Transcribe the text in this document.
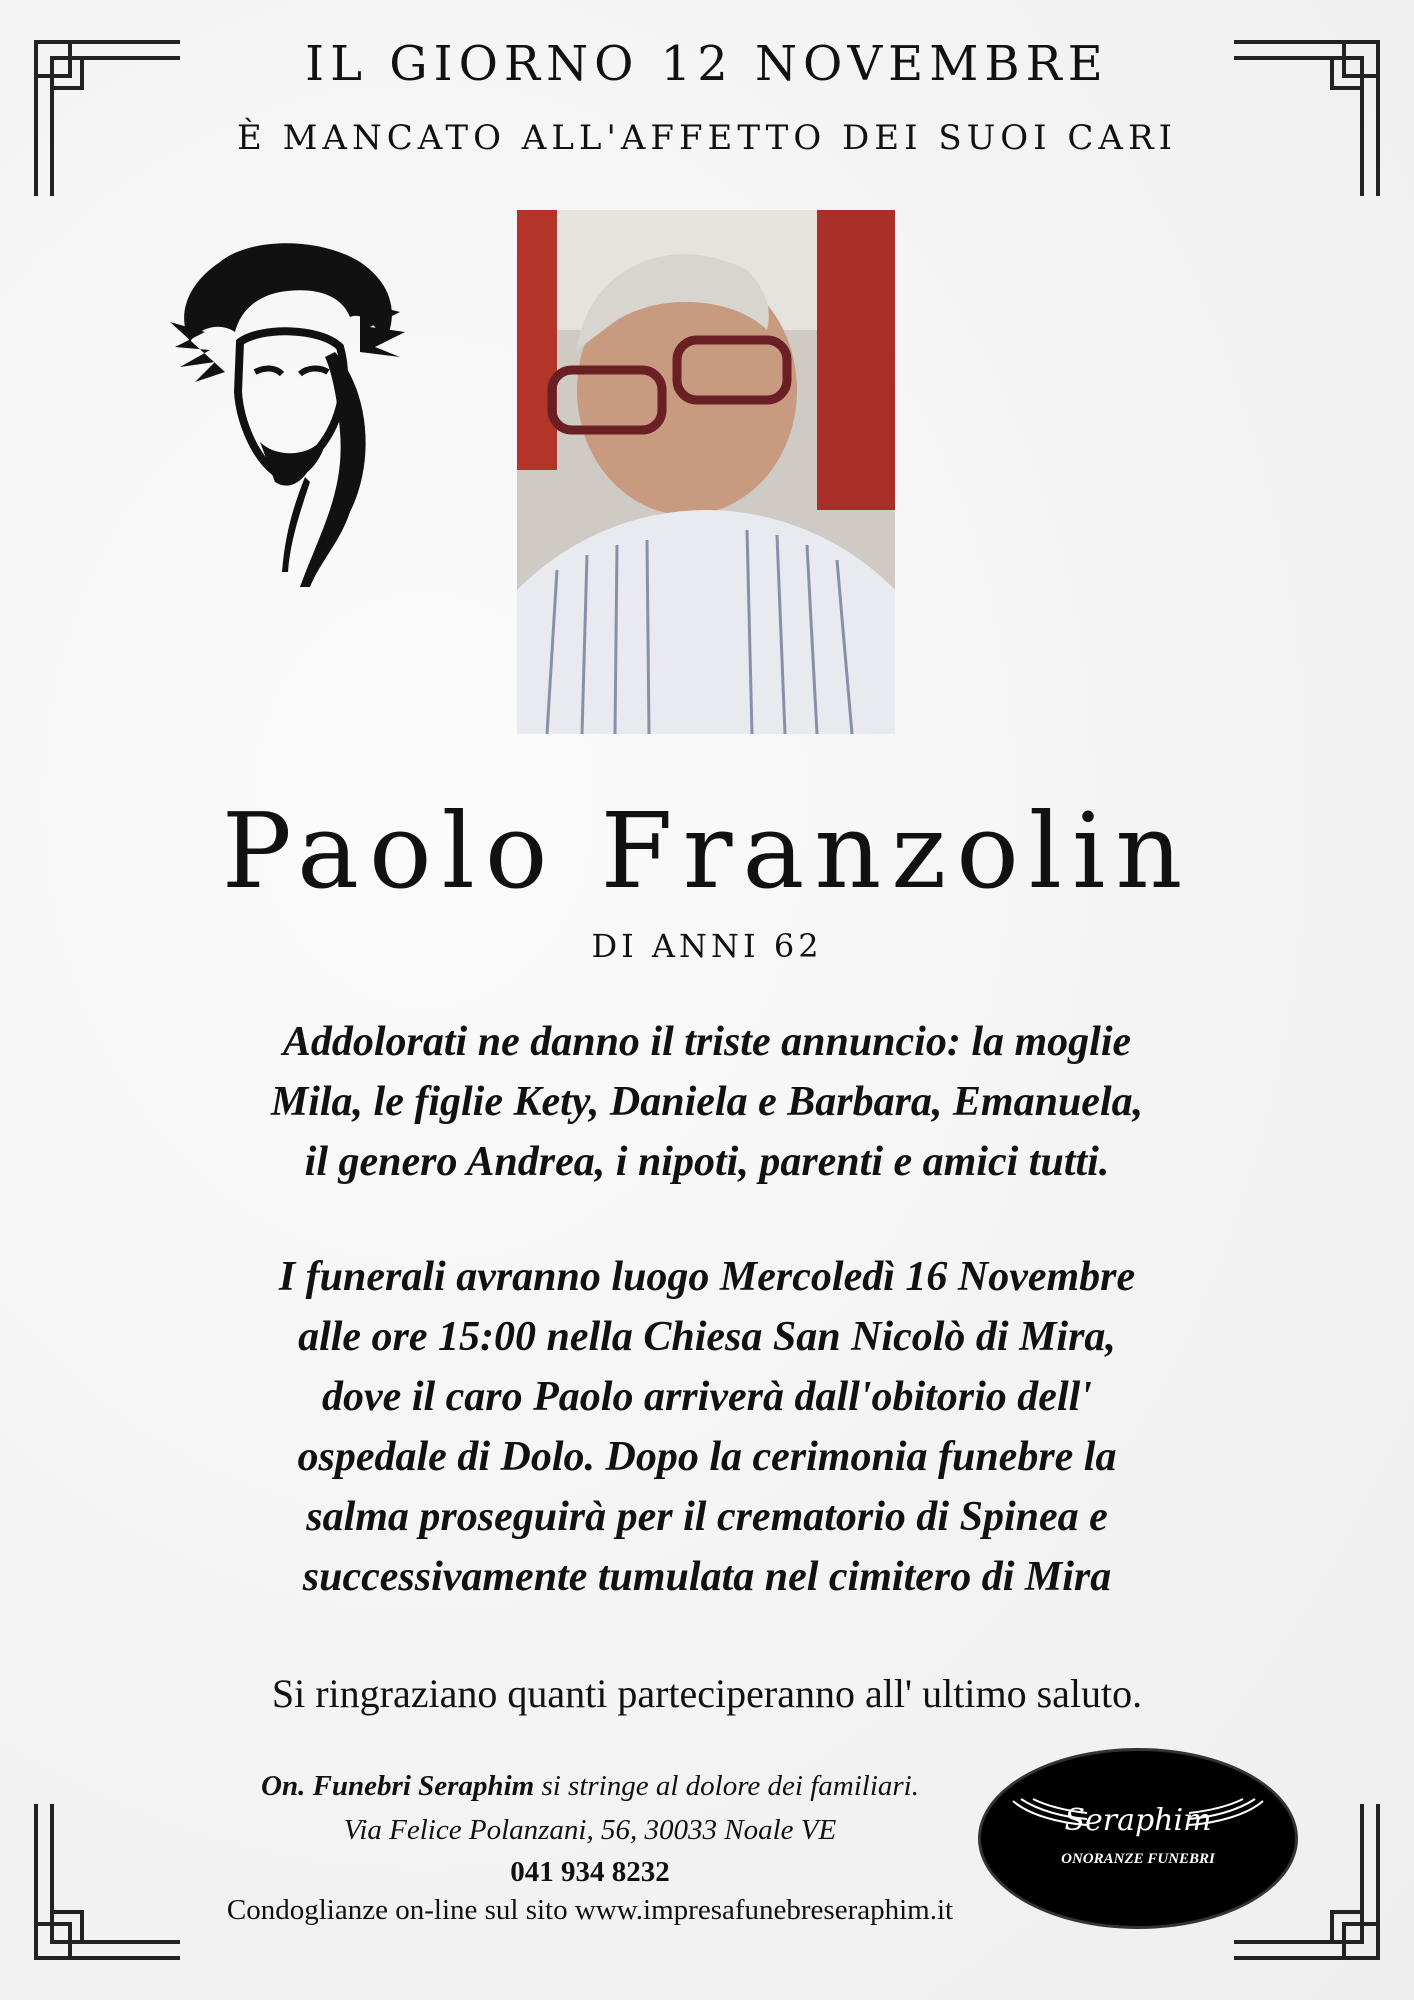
IL GIORNO 12 NOVEMBRE
È MANCATO ALL'AFFETTO DEI SUOI CARI
Paolo Franzolin
DI ANNI 62
Addolorati ne danno il triste annuncio: la moglie
Mila, le figlie Kety, Daniela e Barbara, Emanuela,
il genero Andrea, i nipoti, parenti e amici tutti.
I funerali avranno luogo Mercoledì 16 Novembre
alle ore 15:00 nella Chiesa San Nicolò di Mira,
dove il caro Paolo arriverà dall'obitorio dell'
ospedale di Dolo. Dopo la cerimonia funebre la
salma proseguirà per il crematorio di Spinea e
successivamente tumulata nel cimitero di Mira
Si ringraziano quanti parteciperanno all' ultimo saluto.
On. Funebri Seraphim si stringe al dolore dei familiari.
Via Felice Polanzani, 56, 30033 Noale VE
041 934 8232
Condoglianze on-line sul sito www.impresafunebreseraphim.it
Seraphim
ONORANZE FUNEBRI
